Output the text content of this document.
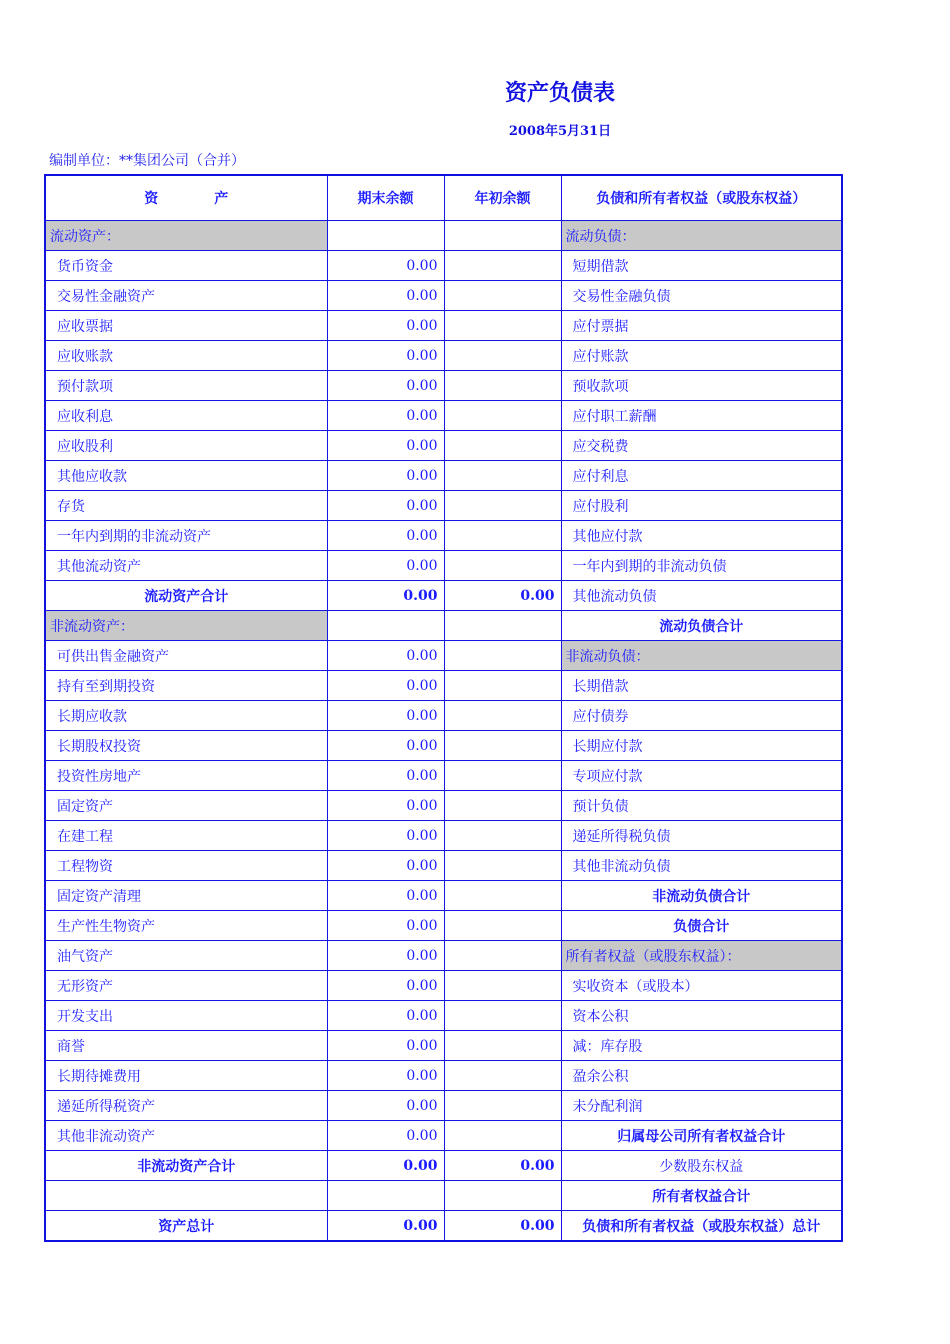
资产负债表
2008年5月31日
编制单位：**集团公司（合并）
资　　　　产	期末余额	年初余额	负债和所有者权益（或股东权益）
流动资产：			流动负债：
货币资金	0.00		短期借款
交易性金融资产	0.00		交易性金融负债
应收票据	0.00		应付票据
应收账款	0.00		应付账款
预付款项	0.00		预收款项
应收利息	0.00		应付职工薪酬
应收股利	0.00		应交税费
其他应收款	0.00		应付利息
存货	0.00		应付股利
一年内到期的非流动资产	0.00		其他应付款
其他流动资产	0.00		一年内到期的非流动负债
流动资产合计	0.00	0.00	其他流动负债
非流动资产：			流动负债合计
可供出售金融资产	0.00		非流动负债：
持有至到期投资	0.00		长期借款
长期应收款	0.00		应付债券
长期股权投资	0.00		长期应付款
投资性房地产	0.00		专项应付款
固定资产	0.00		预计负债
在建工程	0.00		递延所得税负债
工程物资	0.00		其他非流动负债
固定资产清理	0.00		非流动负债合计
生产性生物资产	0.00		负债合计
油气资产	0.00		所有者权益（或股东权益）：
无形资产	0.00		实收资本（或股本）
开发支出	0.00		资本公积
商誉	0.00		减：库存股
长期待摊费用	0.00		盈余公积
递延所得税资产	0.00		未分配利润
其他非流动资产	0.00		归属母公司所有者权益合计
非流动资产合计	0.00	0.00	少数股东权益
			所有者权益合计
资产总计	0.00	0.00	负债和所有者权益（或股东权益）总计
